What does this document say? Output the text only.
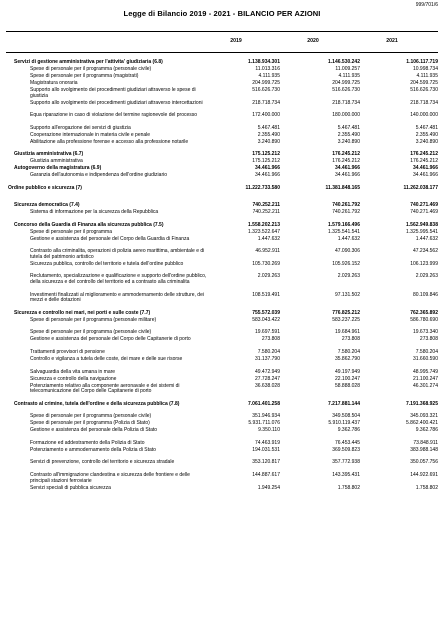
999/701/6
Legge di Bilancio 2019 - 2021 - BILANCIO PER AZIONI
2019	2020	2021
Servizi di gestione amministrativa per l'attivita' giudiziaria (6.8)	1.138.934.301	1.146.530.242	1.106.117.719
Spese di personale per il programma (personale civile)	11.013.316	11.009.257	10.998.734
Spese di personale per il programma (magistrati)	4.111.935	4.111.935	4.111.935
Magistratura onoraria	204.999.725	204.999.725	204.599.725
Supporto allo svolgimento dei procedimenti giudiziari attraverso le spese di giustizia
516.626.730	516.626.730	516.626.730
Supporto allo svolgimento dei procedimenti giudiziari attraverso intercettazioni	218.718.734	218.718.734	218.718.734
Equa riparazione in caso di violazione del termine ragionevole del processo	172.400.000	180.000.000	140.000.000
Supporto all'erogazione dei servizi di giustizia	5.467.481	5.467.481	5.467.481
Cooperazione internazionale in materia civile e penale	2.355.490	2.355.490	2.355.490
Abilitazione alla professione forense e accesso alla professione notarile	3.240.890	3.240.890	3.240.890
Giustizia amministrativa (6.7)	175.125.212	176.245.212	176.245.212
Giustizia amministrativa	175.125.212	176.245.212	176.245.212
Autogoverno della magistratura (6.9)	34.461.966	34.461.966	34.461.966
Garanzia dell'autonomia e indipendenza dell'ordine giudiziario	34.461.966	34.461.966	34.461.966
Ordine pubblico e sicurezza (7)	11.222.733.580	11.381.848.165	11.262.038.177
Sicurezza democratica (7.4)	740.252.211	740.261.792	740.271.469
Sistema di informazione per la sicurezza della Repubblica	740.252.211	740.261.792	740.271.469
Concorso della Guardia di Finanza alla sicurezza pubblica (7.5)	1.558.202.213	1.579.166.496	1.562.949.838
Spese di personale per il programma	1.323.522.647	1.325.541.541	1.325.995.541
Gestione e assistenza del personale del Corpo della Guardia di Finanza	1.447.632	1.447.632	1.447.632
Contrasto alla criminalita, operazioni di polizia aereo marittima, ambientale e di tutela del patrimonio artistico
46.952.911	47.090.306	47.234.562
Sicurezza pubblica, controllo del territorio e tutela dell'ordine pubblico	105.730.269	105.926.152	106.123.999
Reclutamento, specializzazione e qualificazione e supporto dell'ordine pubblico, della sicurezza e del controllo del territorio ed a contrasto alla criminalita
2.029.263	2.029.263	2.029.263
Investimenti finalizzati al miglioramento e ammodernamento delle strutture, dei mezzi e delle dotazioni
108.519.491	97.131.502	80.109.846
Sicurezza e controllo nei mari, nei porti e sulle coste (7.7)	755.572.039	776.825.212	762.365.892
Spese di personale per il programma (personale militare)	583.043.422	583.237.225	586.780.690
Spese di personale per il programma (personale civile)	19.697.591	19.684.961	19.673.340
Gestione e assistenza del personale del Corpo delle Capitanerie di porto	273.808	273.808	273.808
Trattamenti provvisori di pensione	7.580.204	7.580.204	7.580.204
Controllo e vigilanza a tutela delle coste, dei mare e delle sue risorse	31.137.790	35.862.790	31.660.590
Salvaguardia della vita umana in mare	49.472.949	49.197.949	48.995.749
Sicurezza e controllo della navigazione	27.728.247	22.100.247	21.100.247
Potenziamento relativo alla componente aeronavale e dei sistemi di telecomunicazione del Corpo delle Capitanerie di porto
36.638.028	58.888.028	46.301.274
Contrasto al crimine, tutela dell'ordine e della sicurezza pubblica (7.8)	7.061.401.258	7.217.881.144	7.191.368.925
Spese di personale per il programma (personale civile)	351.946.934	349.508.504	345.093.321
Spese di personale per il programma (Polizia di Stato)	5.931.711.076	5.910.119.437	5.862.400.421
Gestione e assistenza del personale della Polizia di Stato	9.350.110	9.362.786	9.362.786
Formazione ed addestramento della Polizia di Stato	74.463.919	76.453.445	73.848.911
Potenziamento e ammodernamento della Polizia di Stato	194.031.531	369.509.823	383.988.148
Servizi di prevenzione, controllo del territorio e sicurezza stradale	353.120.817	357.772.938	350.057.756
Contrasto all'immigrazione clandestina e sicurezza delle frontiere e delle principali stazioni ferroviarie
144.887.617	143.395.431	144.922.691
Servizi speciali di pubblica sicurezza	1.949.254	1.758.802	1.758.802
